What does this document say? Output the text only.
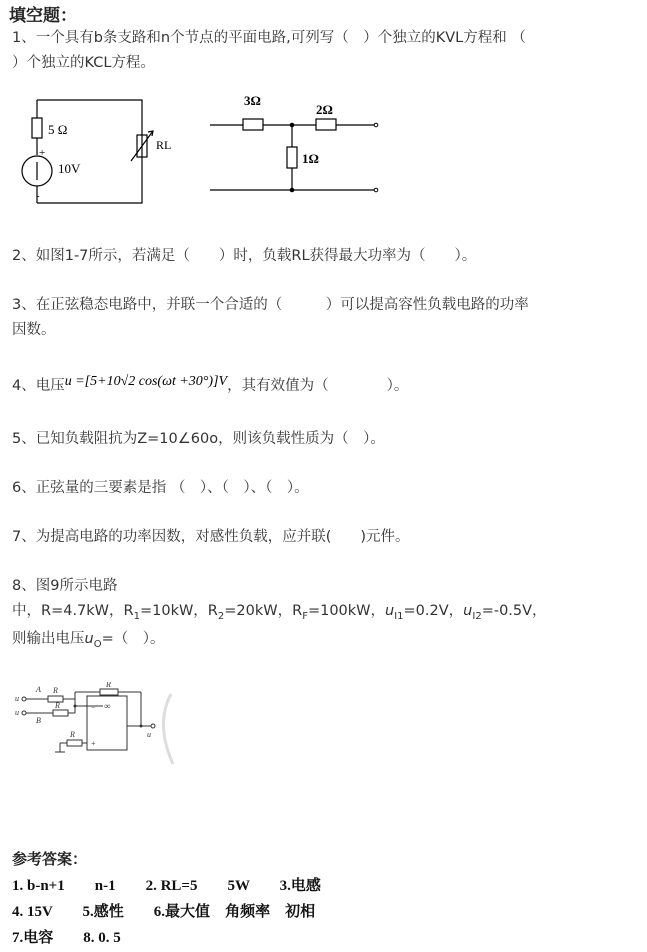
填空题：
1、一个具有b条支路和n个节点的平面电路,可列写（　）个独立的KVL方程和 （
）个独立的KCL方程。
5 Ω
10V
RL
+
-
3Ω
2Ω
1Ω
2、如图1-7所示，若满足（　　）时，负载RL获得最大功率为（　　）。
3、在正弦稳态电路中，并联一个合适的（　　　）可以提高容性负载电路的功率
因数。
4、电压u =[5+10√2 cos(ωt +30°)]V，其有效值为（　　　　）。
5、已知负载阻抗为Z=10∠60o，则该负载性质为（　）。
6、正弦量的三要素是指 （　）、（　）、（　）。
7、为提高电路的功率因数，对感性负载，应并联(　　)元件。
8、图9所示电路
中，R=4.7kW，$R_1=10kW$，$R_2=20kW$，$R_F=100kW$，$u_{I1}=0.2V$，$u_{I2}=-0.5V$，
则输出电压$u_O=$（　）。
A
u
u
B
R
R
R
R	u
∞
−
+
参考答案：
1. b-n+1　　n-1　　2. RL=5　　5W　　3.电感
4. 15V　　5.感性　　6.最大值　角频率　初相
7.电容　　8. 0. 5
